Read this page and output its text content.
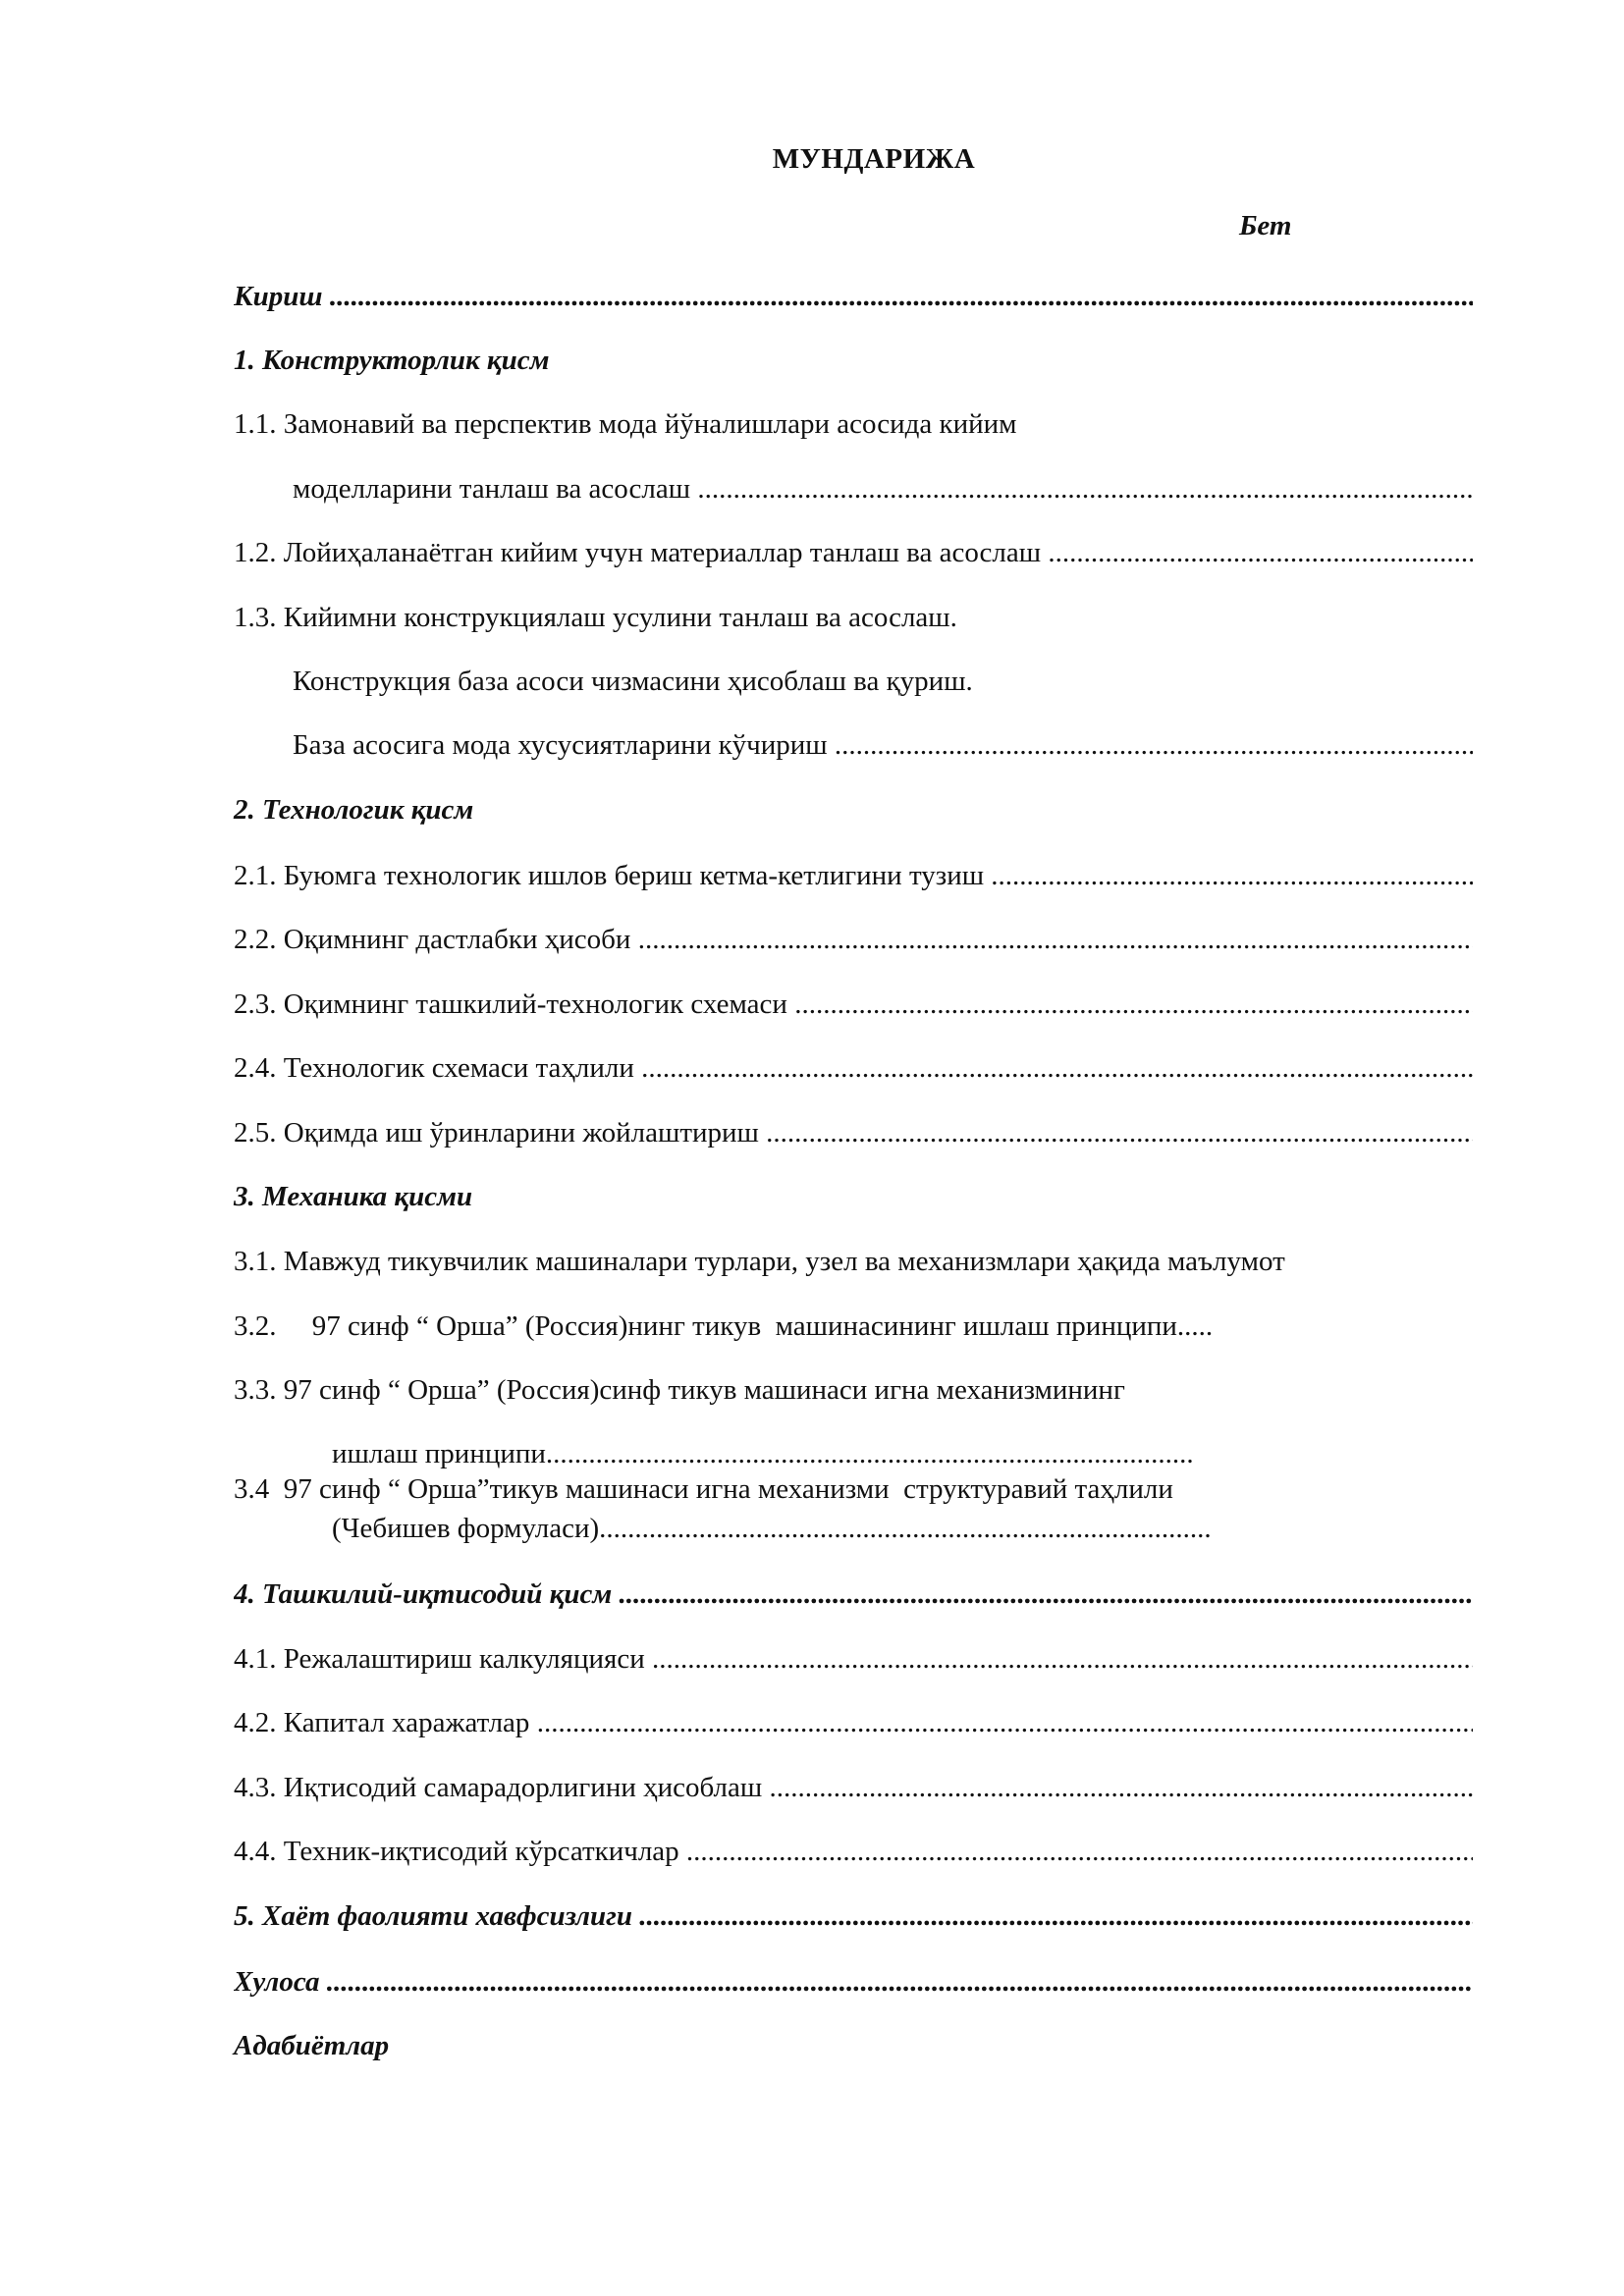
МУНДАРИЖА
Бет
Кириш .....
1. Конструкторлик қисм
1.1. Замонавий ва перспектив мода йўналишлари асосида кийим
моделларини танлаш ва асослаш .....
1.2. Лойиҳаланаётган кийим учун материаллар танлаш ва асослаш .....
1.3. Кийимни конструкциялаш усулини танлаш ва асослаш.
Конструкция база асоси чизмасини ҳисоблаш ва қуриш.
База асосига мода хусусиятларини кўчириш .....
2. Технологик қисм
2.1. Буюмга технологик ишлов бериш кетма-кетлигини тузиш .....
2.2. Оқимнинг дастлабки ҳисоби .....
2.3. Оқимнинг ташкилий-технологик схемаси .....
2.4. Технологик схемаси таҳлили .....
2.5. Оқимда иш ўринларини жойлаштириш .....
3. Механика қисми
3.1. Мавжуд тикувчилик машиналари турлари, узел ва механизмлари ҳақида маълумот
3.2.     97 синф “ Орша” (Россия)нинг тикув  машинасининг ишлаш принципи.....
3.3. 97 синф “ Орша” (Россия)синф тикув машинаси игна механизмининг
ишлаш принципи...........................................................................................
3.4  97 синф “ Орша”тикув машинаси игна механизми  структуравий таҳлили
(Чебишев формуласи)......................................................................................
4. Ташкилий-иқтисодий қисм .....
4.1. Режалаштириш калкуляцияси .....
4.2. Капитал харажатлар .....
4.3. Иқтисодий самарадорлигини ҳисоблаш .....
4.4. Техник-иқтисодий кўрсаткичлар .....
5. Хаёт фаолияти хавфсизлиги .....
Хулоса .....
Адабиётлар
